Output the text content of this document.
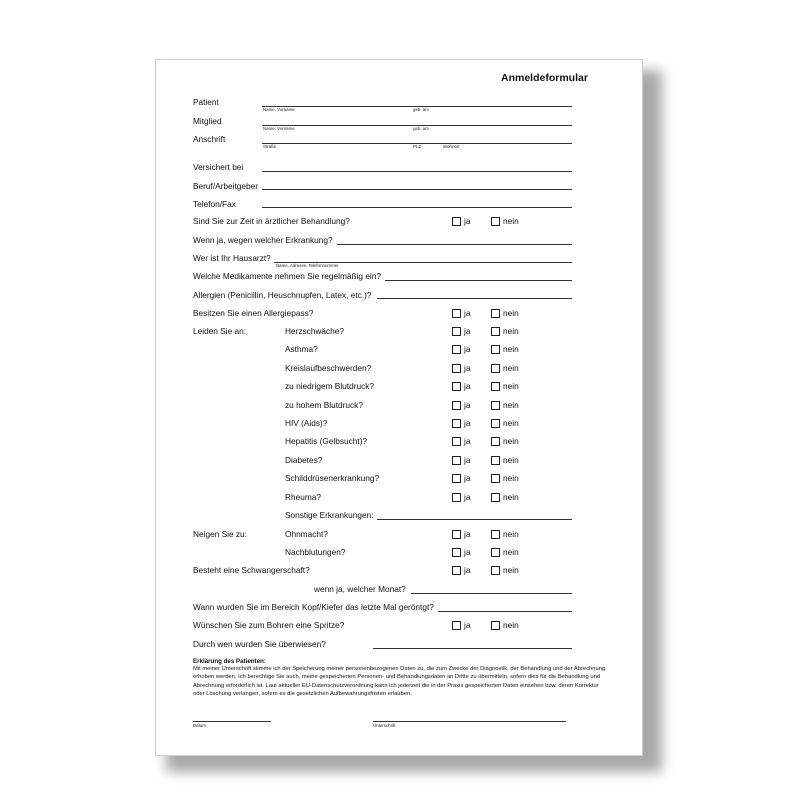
Anmeldeformular
Patient
Name, Vorname	geb. am
Mitglied
Name, Vorname	geb. am
Anschrift
Straße	PLZ	Wohnort
Versichert bei
Beruf/Arbeitgeber
Telefon/Fax
Sind Sie zur Zeit in ärztlicher Behandlung?	ja	nein
Wenn ja, wegen welcher Erkrankung?
Wer ist Ihr Hausarzt?
Name, Adresse, Telefonnummer
Welche Medikamente nehmen Sie regelmäßig ein?
Allergien (Penicillin, Heuschnupfen, Latex, etc.)?
Besitzen Sie einen Allergiepass?	ja	nein
Leiden Sie an:	Herzschwäche?	ja	nein
Asthma?	ja	nein
Kreislaufbeschwerden?	ja	nein
zu niedrigem Blutdruck?	ja	nein
zu hohem Blutdruck?	ja	nein
HIV (Aids)?	ja	nein
Hepatitis (Gelbsucht)?	ja	nein
Diabetes?	ja	nein
Schilddrüsenerkrankung?	ja	nein
Rheuma?	ja	nein
Sonstige Erkrankungen:
Neigen Sie zu:	Ohnmacht?	ja	nein
Nachblutungen?	ja	nein
Besteht eine Schwangerschaft?	ja	nein
wenn ja, welcher Monat?
Wann wurden Sie im Bereich Kopf/Kiefer das letzte Mal geröntgt?
Wünschen Sie zum Bohren eine Spritze?	ja	nein
Durch wen wurden Sie überwiesen?
Erklärung des Patienten:
Mit meiner Unterschrift stimme ich der Speicherung meiner personenbezogenen Daten zu, die zum Zwecke der Diagnostik, der Behandlung und der Abrechnung erhoben werden. Ich berechtige Sie auch, meine gespeicherten Personen- und Behandlungsdaten an Dritte zu übermitteln, sofern dies für die Behandlung und Abrechnung erforderlich ist. Laut aktueller EU-Datenschutzverordnung kann ich jederzeit die in der Praxis gespeicherten Daten einsehen bzw. deren Korrektur oder Löschung verlangen, sofern es die gesetzlichen Aufbewahrungsfristen erlauben.
Datum	Unterschrift
